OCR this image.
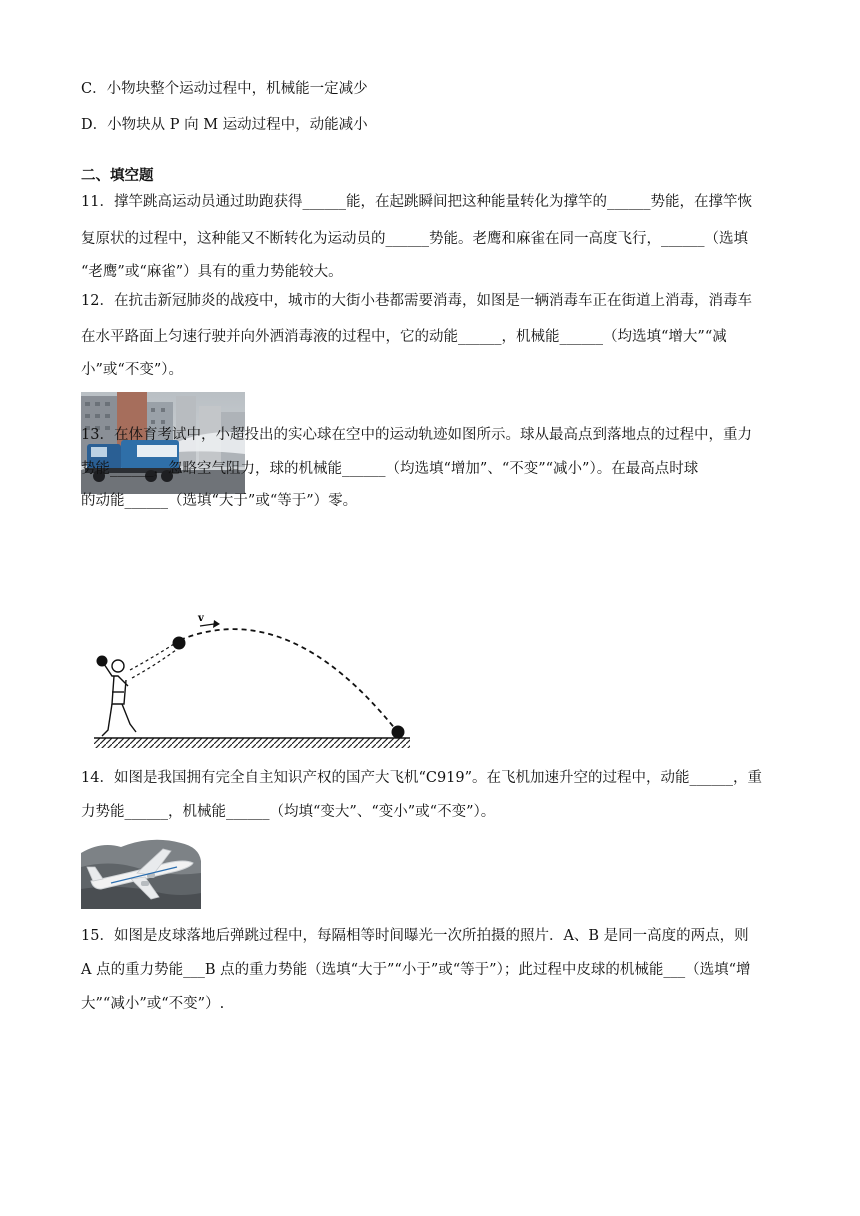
C．小物块整个运动过程中，机械能一定减少
D．小物块从 P 向 M 运动过程中，动能减小
二、填空题
11．撑竿跳高运动员通过助跑获得______能，在起跳瞬间把这种能量转化为撑竿的______势能，在撑竿恢
复原状的过程中，这种能又不断转化为运动员的______势能。老鹰和麻雀在同一高度飞行，______（选填
“老鹰”或“麻雀”）具有的重力势能较大。
12．在抗击新冠肺炎的战疫中，城市的大街小巷都需要消毒，如图是一辆消毒车正在街道上消毒，消毒车
在水平路面上匀速行驶并向外洒消毒液的过程中，它的动能______，机械能______（均选填“增大”“减
小”或“不变”）。
13．在体育考试中，小超投出的实心球在空中的运动轨迹如图所示。球从最高点到落地点的过程中，重力
势能______，忽略空气阻力，球的机械能______（均选填“增加”、“不变”“减小”）。在最高点时球
的动能______（选填“大于”或“等于”）零。
v
14．如图是我国拥有完全自主知识产权的国产大飞机“C919”。在飞机加速升空的过程中，动能______，重
力势能______，机械能______（均填“变大”、“变小”或“不变”）。
15．如图是皮球落地后弹跳过程中，每隔相等时间曝光一次所拍摄的照片．A、B 是同一高度的两点，则
A 点的重力势能___B 点的重力势能（选填“大于”“小于”或“等于”）；此过程中皮球的机械能___（选填“增
大”“减小”或“不变”）.
